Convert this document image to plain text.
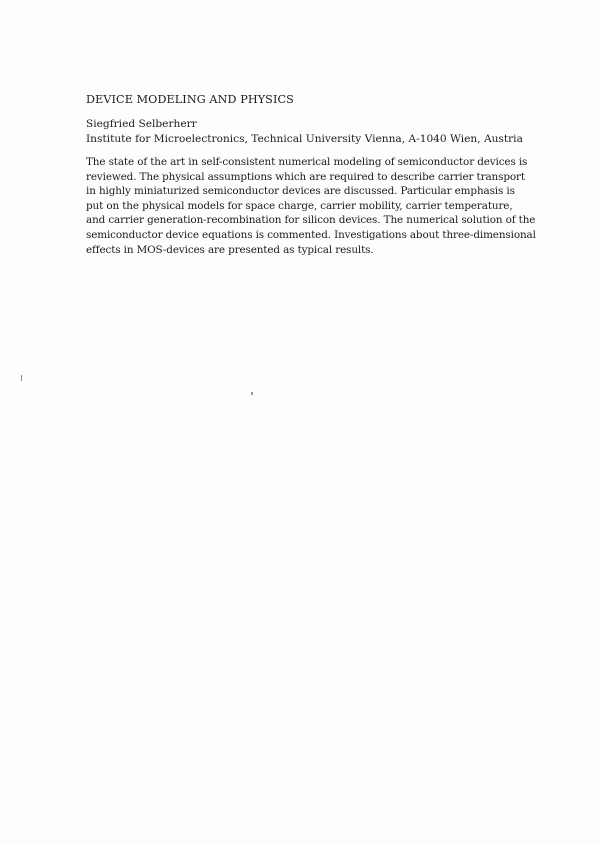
DEVICE MODELING AND PHYSICS
Siegfried Selberherr
Institute for Microelectronics, Technical University Vienna, A-1040 Wien, Austria
The state of the art in self-consistent numerical modeling of semiconductor devices is
reviewed. The physical assumptions which are required to describe carrier transport
in highly miniaturized semiconductor devices are discussed. Particular emphasis is
put on the physical models for space charge, carrier mobility, carrier temperature,
and carrier generation-recombination for silicon devices. The numerical solution of the
semiconductor device equations is commented. Investigations about three-dimensional
effects in MOS-devices are presented as typical results.
